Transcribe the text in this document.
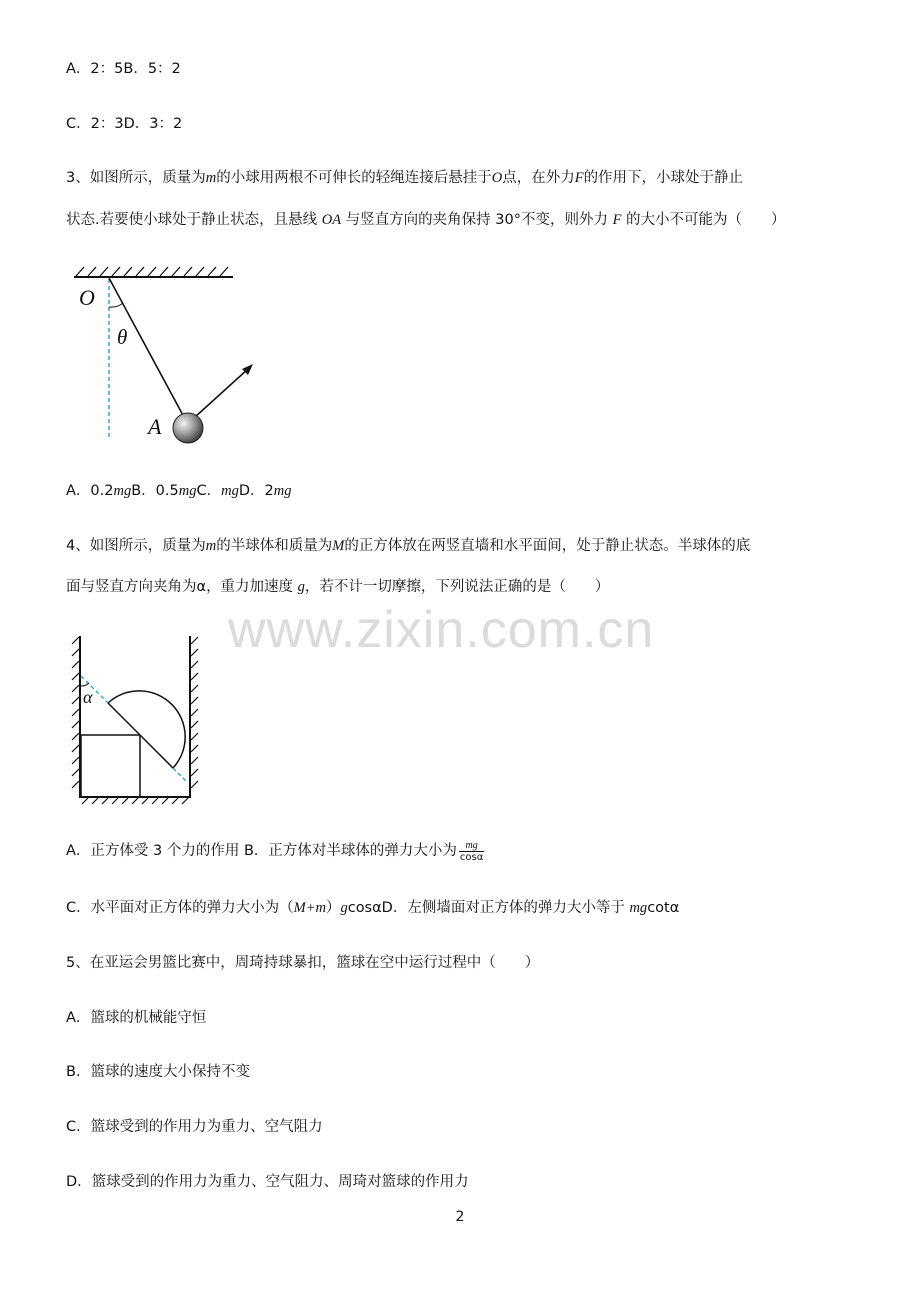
A．2：5B．5：2
C．2：3D．3：2
3、如图所示，质量为m的小球用两根不可伸长的轻绳连接后悬挂于O点，在外力F的作用下，小球处于静止
状态.若要使小球处于静止状态，且悬线 OA 与竖直方向的夹角保持 30°不变，则外力 F 的大小不可能为（　　）
O
θ
A
A．0.2mgB．0.5mgC．mgD．2mg
4、如图所示，质量为m的半球体和质量为M的正方体放在两竖直墙和水平面间，处于静止状态。半球体的底
面与竖直方向夹角为α，重力加速度 g，若不计一切摩擦，下列说法正确的是（　　）
www.zixin.com.cn
α
A．正方体受 3 个力的作用 B．正方体对半球体的弹力大小为 $\frac{mg}{\cos\alpha}$
C．水平面对正方体的弹力大小为（M+m）gcosαD．左侧墙面对正方体的弹力大小等于 mgcotα
5、在亚运会男篮比赛中，周琦持球暴扣，篮球在空中运行过程中（　　）
A．篮球的机械能守恒
B．篮球的速度大小保持不变
C．篮球受到的作用力为重力、空气阻力
D．篮球受到的作用力为重力、空气阻力、周琦对篮球的作用力
2
